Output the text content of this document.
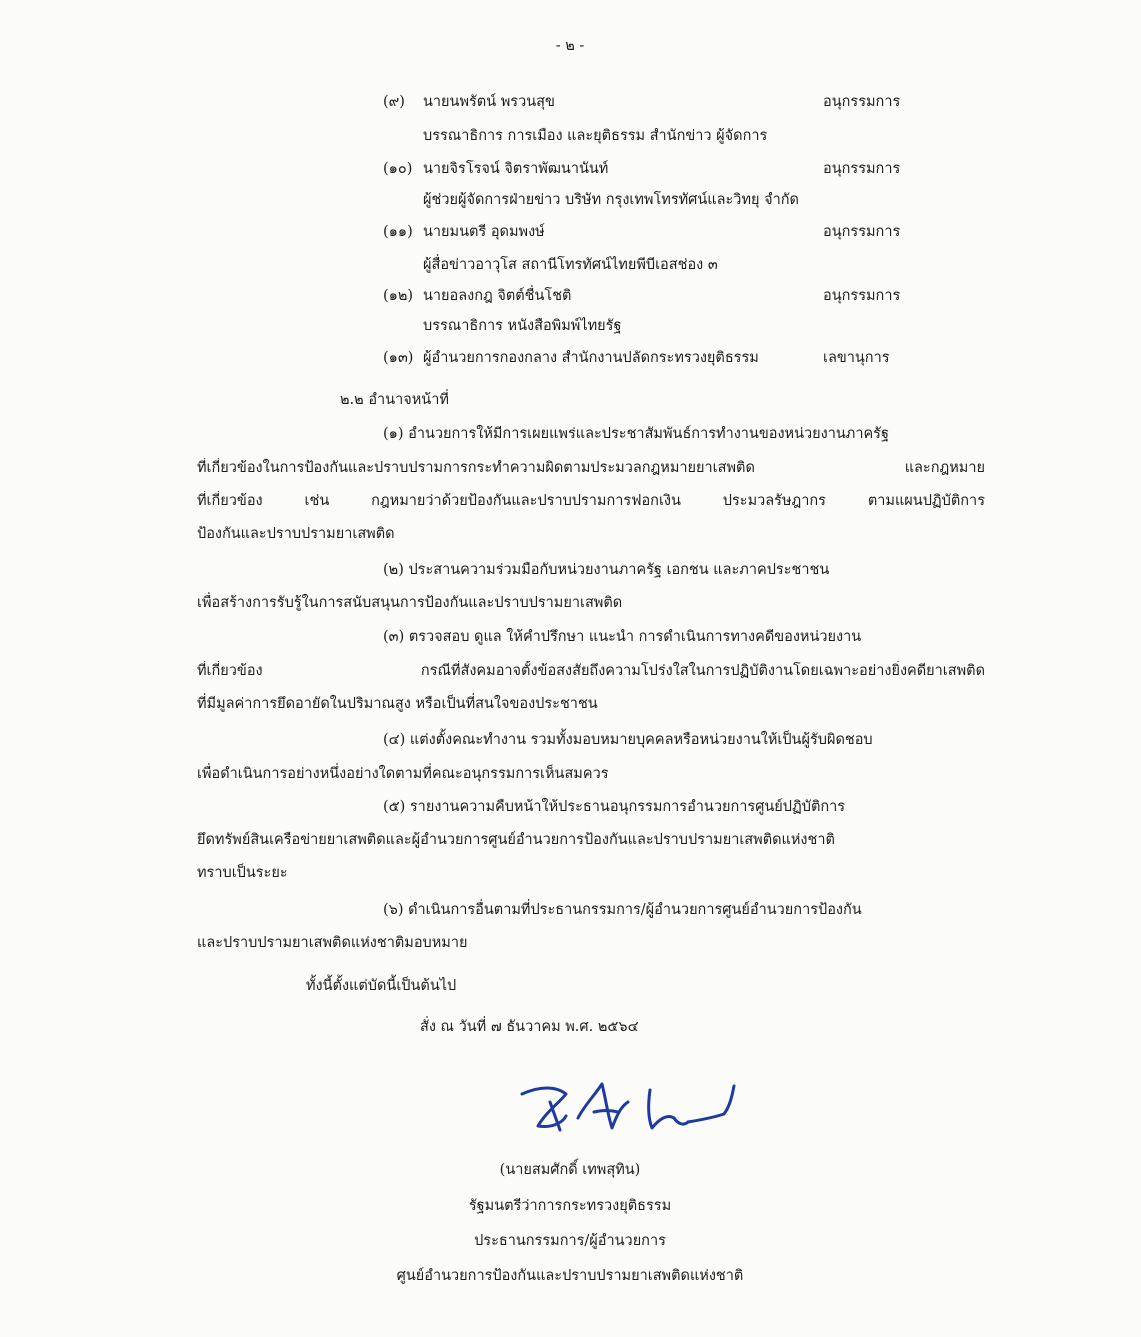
- ๒ -
(๙) นายนพรัตน์ พรวนสุข	อนุกรรมการ
บรรณาธิการ การเมือง และยุติธรรม สำนักข่าว ผู้จัดการ
(๑๐) นายจิรโรจน์ จิตราพัฒนานันท์	อนุกรรมการ
ผู้ช่วยผู้จัดการฝ่ายข่าว บริษัท กรุงเทพโทรทัศน์และวิทยุ จำกัด
(๑๑) นายมนตรี อุดมพงษ์	อนุกรรมการ
ผู้สื่อข่าวอาวุโส สถานีโทรทัศน์ไทยพีบีเอสช่อง ๓
(๑๒) นายอลงกฎ จิตต์ชื่นโชติ	อนุกรรมการ
บรรณาธิการ หนังสือพิมพ์ไทยรัฐ
(๑๓) ผู้อำนวยการกองกลาง สำนักงานปลัดกระทรวงยุติธรรม	เลขานุการ
๒.๒ อำนาจหน้าที่
(๑) อำนวยการให้มีการเผยแพร่และประชาสัมพันธ์การทำงานของหน่วยงานภาครัฐ
ที่เกี่ยวข้องในการป้องกันและปราบปรามการกระทำความผิดตามประมวลกฎหมายยาเสพติด และกฎหมาย
ที่เกี่ยวข้อง เช่น กฎหมายว่าด้วยป้องกันและปราบปรามการฟอกเงิน ประมวลรัษฎากร ตามแผนปฏิบัติการ
ป้องกันและปราบปรามยาเสพติด
(๒) ประสานความร่วมมือกับหน่วยงานภาครัฐ เอกชน และภาคประชาชน
เพื่อสร้างการรับรู้ในการสนับสนุนการป้องกันและปราบปรามยาเสพติด
(๓) ตรวจสอบ ดูแล ให้คำปรึกษา แนะนำ การดำเนินการทางคดีของหน่วยงาน
ที่เกี่ยวข้อง กรณีที่สังคมอาจตั้งข้อสงสัยถึงความโปร่งใสในการปฏิบัติงานโดยเฉพาะอย่างยิ่งคดียาเสพติด
ที่มีมูลค่าการยึดอายัดในปริมาณสูง หรือเป็นที่สนใจของประชาชน
(๔) แต่งตั้งคณะทำงาน รวมทั้งมอบหมายบุคคลหรือหน่วยงานให้เป็นผู้รับผิดชอบ
เพื่อดำเนินการอย่างหนึ่งอย่างใดตามที่คณะอนุกรรมการเห็นสมควร
(๕) รายงานความคืบหน้าให้ประธานอนุกรรมการอำนวยการศูนย์ปฏิบัติการ
ยึดทรัพย์สินเครือข่ายยาเสพติดและผู้อำนวยการศูนย์อำนวยการป้องกันและปราบปรามยาเสพติดแห่งชาติ
ทราบเป็นระยะ
(๖) ดำเนินการอื่นตามที่ประธานกรรมการ/ผู้อำนวยการศูนย์อำนวยการป้องกัน
และปราบปรามยาเสพติดแห่งชาติมอบหมาย
ทั้งนี้ตั้งแต่บัดนี้เป็นต้นไป
สั่ง ณ วันที่ ๗ ธันวาคม พ.ศ. ๒๕๖๔
(นายสมศักดิ์ เทพสุทิน)
รัฐมนตรีว่าการกระทรวงยุติธรรม
ประธานกรรมการ/ผู้อำนวยการ
ศูนย์อำนวยการป้องกันและปราบปรามยาเสพติดแห่งชาติ
